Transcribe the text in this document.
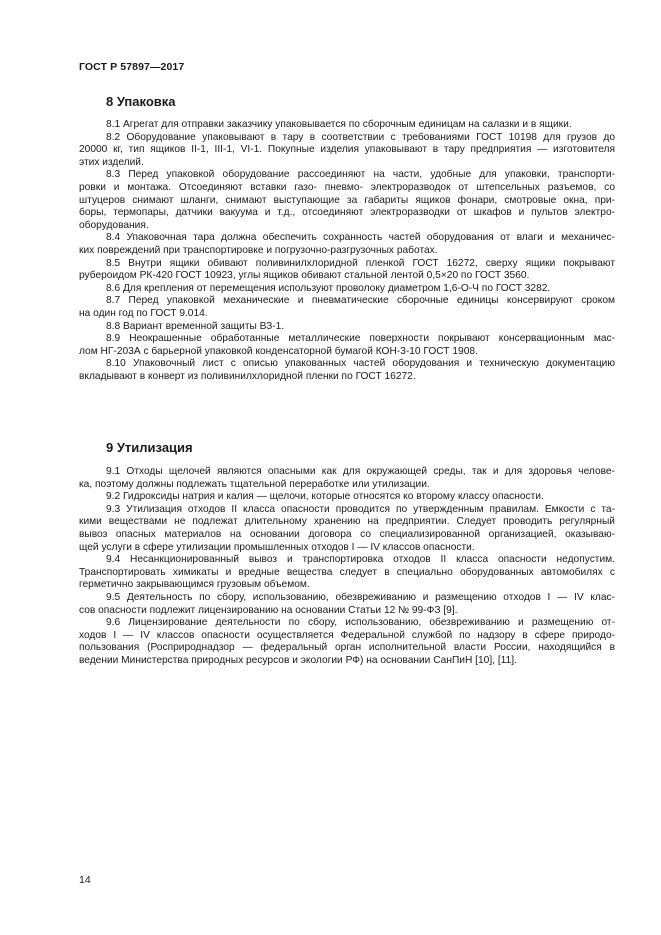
ГОСТ Р 57897—2017
8 Упаковка
8.1 Агрегат для отправки заказчику упаковывается по сборочным единицам на салазки и в ящики.
8.2 Оборудование упаковывают в тару в соответствии с требованиями ГОСТ 10198 для грузов до
20000 кг, тип ящиков II-1, III-1, VI-1. Покупные изделия упаковывают в тару предприятия — изготовителя
этих изделий.
8.3 Перед упаковкой оборудование рассоединяют на части, удобные для упаковки, транспорти-
ровки и монтажа. Отсоединяют вставки газо- пневмо- электроразводок от штепсельных разъемов, со
штуцеров снимают шланги, снимают выступающие за габариты ящиков фонари, смотровые окна, при-
боры, термопары, датчики вакуума и т.д., отсоединяют электроразводки от шкафов и пультов электро-
оборудования.
8.4 Упаковочная тара должна обеспечить сохранность частей оборудования от влаги и механичес-
ких повреждений при транспортировке и погрузочно-разгрузочных работах.
8.5 Внутри ящики обивают поливинилхлоридной пленкой ГОСТ 16272, сверху ящики покрывают
рубероидом РК-420 ГОСТ 10923, углы ящиков обивают стальной лентой 0,5×20 по ГОСТ 3560.
8.6 Для крепления от перемещения используют проволоку диаметром 1,6-О-Ч по ГОСТ 3282.
8.7 Перед упаковкой механические и пневматические сборочные единицы консервируют сроком
на один год по ГОСТ 9.014.
8.8 Вариант временной защиты ВЗ-1.
8.9 Неокрашенные обработанные металлические поверхности покрывают консервационным мас-
лом НГ-203А с барьерной упаковкой конденсаторной бумагой КОН-3-10 ГОСТ 1908.
8.10 Упаковочный лист с описью упакованных частей оборудования и техническую документацию
вкладывают в конверт из поливинилхлоридной пленки по ГОСТ 16272.
9 Утилизация
9.1 Отходы щелочей являются опасными как для окружающей среды, так и для здоровья челове-
ка, поэтому должны подлежать тщательной переработке или утилизации.
9.2 Гидроксиды натрия и калия — щелочи, которые относятся ко второму классу опасности.
9.3 Утилизация отходов II класса опасности проводится по утвержденным правилам. Емкости с та-
кими веществами не подлежат длительному хранению на предприятии. Следует проводить регулярный
вывоз опасных материалов на основании договора со специализированной организацией, оказываю-
щей услуги в сфере утилизации промышленных отходов I — IV классов опасности.
9.4 Несанкционированный вывоз и транспортировка отходов II класса опасности недопустим.
Транспортировать химикаты и вредные вещества следует в специально оборудованных автомобилях с
герметично закрывающимся грузовым объемом.
9.5 Деятельность по сбору, использованию, обезвреживанию и размещению отходов I — IV клас-
сов опасности подлежит лицензированию на основании Статьи 12 № 99-ФЗ [9].
9.6 Лицензирование деятельности по сбору, использованию, обезвреживанию и размещению от-
ходов I — IV классов опасности осуществляется Федеральной службой по надзору в сфере природо-
пользования (Росприроднадзор — федеральный орган исполнительной власти России, находящийся в
ведении Министерства природных ресурсов и экологии РФ) на основании СанПиН [10], [11].
14
